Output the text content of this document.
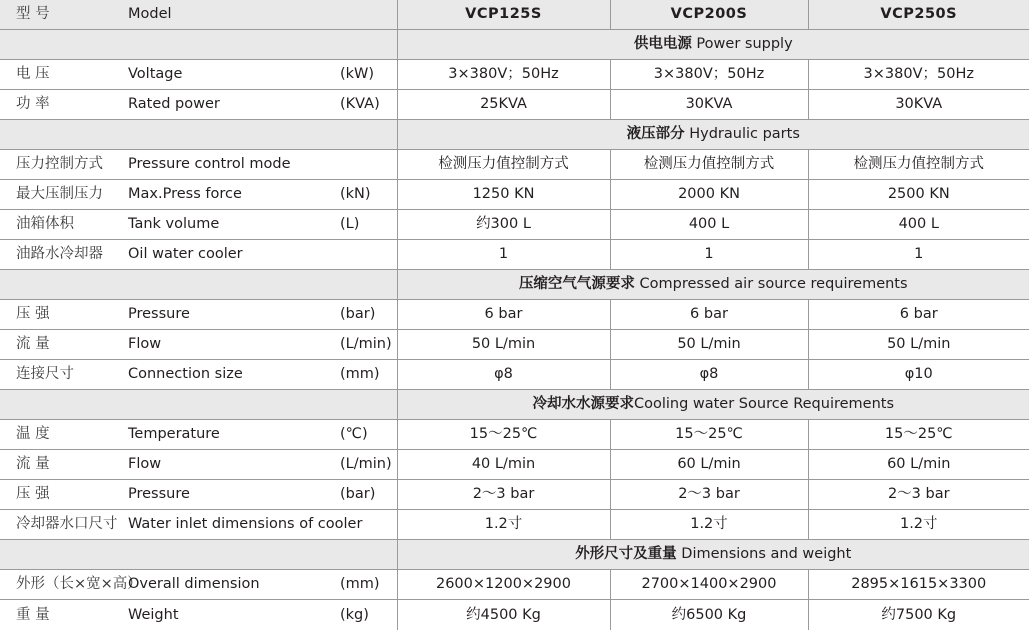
型 号	Model		VCP125S	VCP200S	VCP250S
			供电电源 Power supply		
电 压	Voltage	(kW)	3×380V；50Hz	3×380V；50Hz	3×380V；50Hz
功 率	Rated power	(KVA)	25KVA	30KVA	30KVA
			液压部分 Hydraulic parts		
压力控制方式	Pressure control mode		检测压力值控制方式	检测压力值控制方式	检测压力值控制方式
最大压制压力	Max.Press force	(kN)	1250 KN	2000 KN	2500 KN
油箱体积	Tank volume	(L)	约300 L	400 L	400 L
油路水冷却器	Oil water cooler		1	1	1
			压缩空气气源要求 Compressed air source requirements		
压 强	Pressure	(bar)	6 bar	6 bar	6 bar
流 量	Flow	(L/min)	50 L/min	50 L/min	50 L/min
连接尺寸	Connection size	(mm)	φ8	φ8	φ10
			冷却水水源要求Cooling water Source Requirements		
温 度	Temperature	(℃)	15～25℃	15～25℃	15～25℃
流 量	Flow	(L/min)	40 L/min	60 L/min	60 L/min
压 强	Pressure	(bar)	2～3 bar	2～3 bar	2～3 bar
冷却器水口尺寸	Water inlet dimensions of cooler		1.2寸	1.2寸	1.2寸
			外形尺寸及重量 Dimensions and weight		
外形（长×宽×高）	Overall dimension	(mm)	2600×1200×2900	2700×1400×2900	2895×1615×3300
重 量	Weight	(kg)	约4500 Kg	约6500 Kg	约7500 Kg
